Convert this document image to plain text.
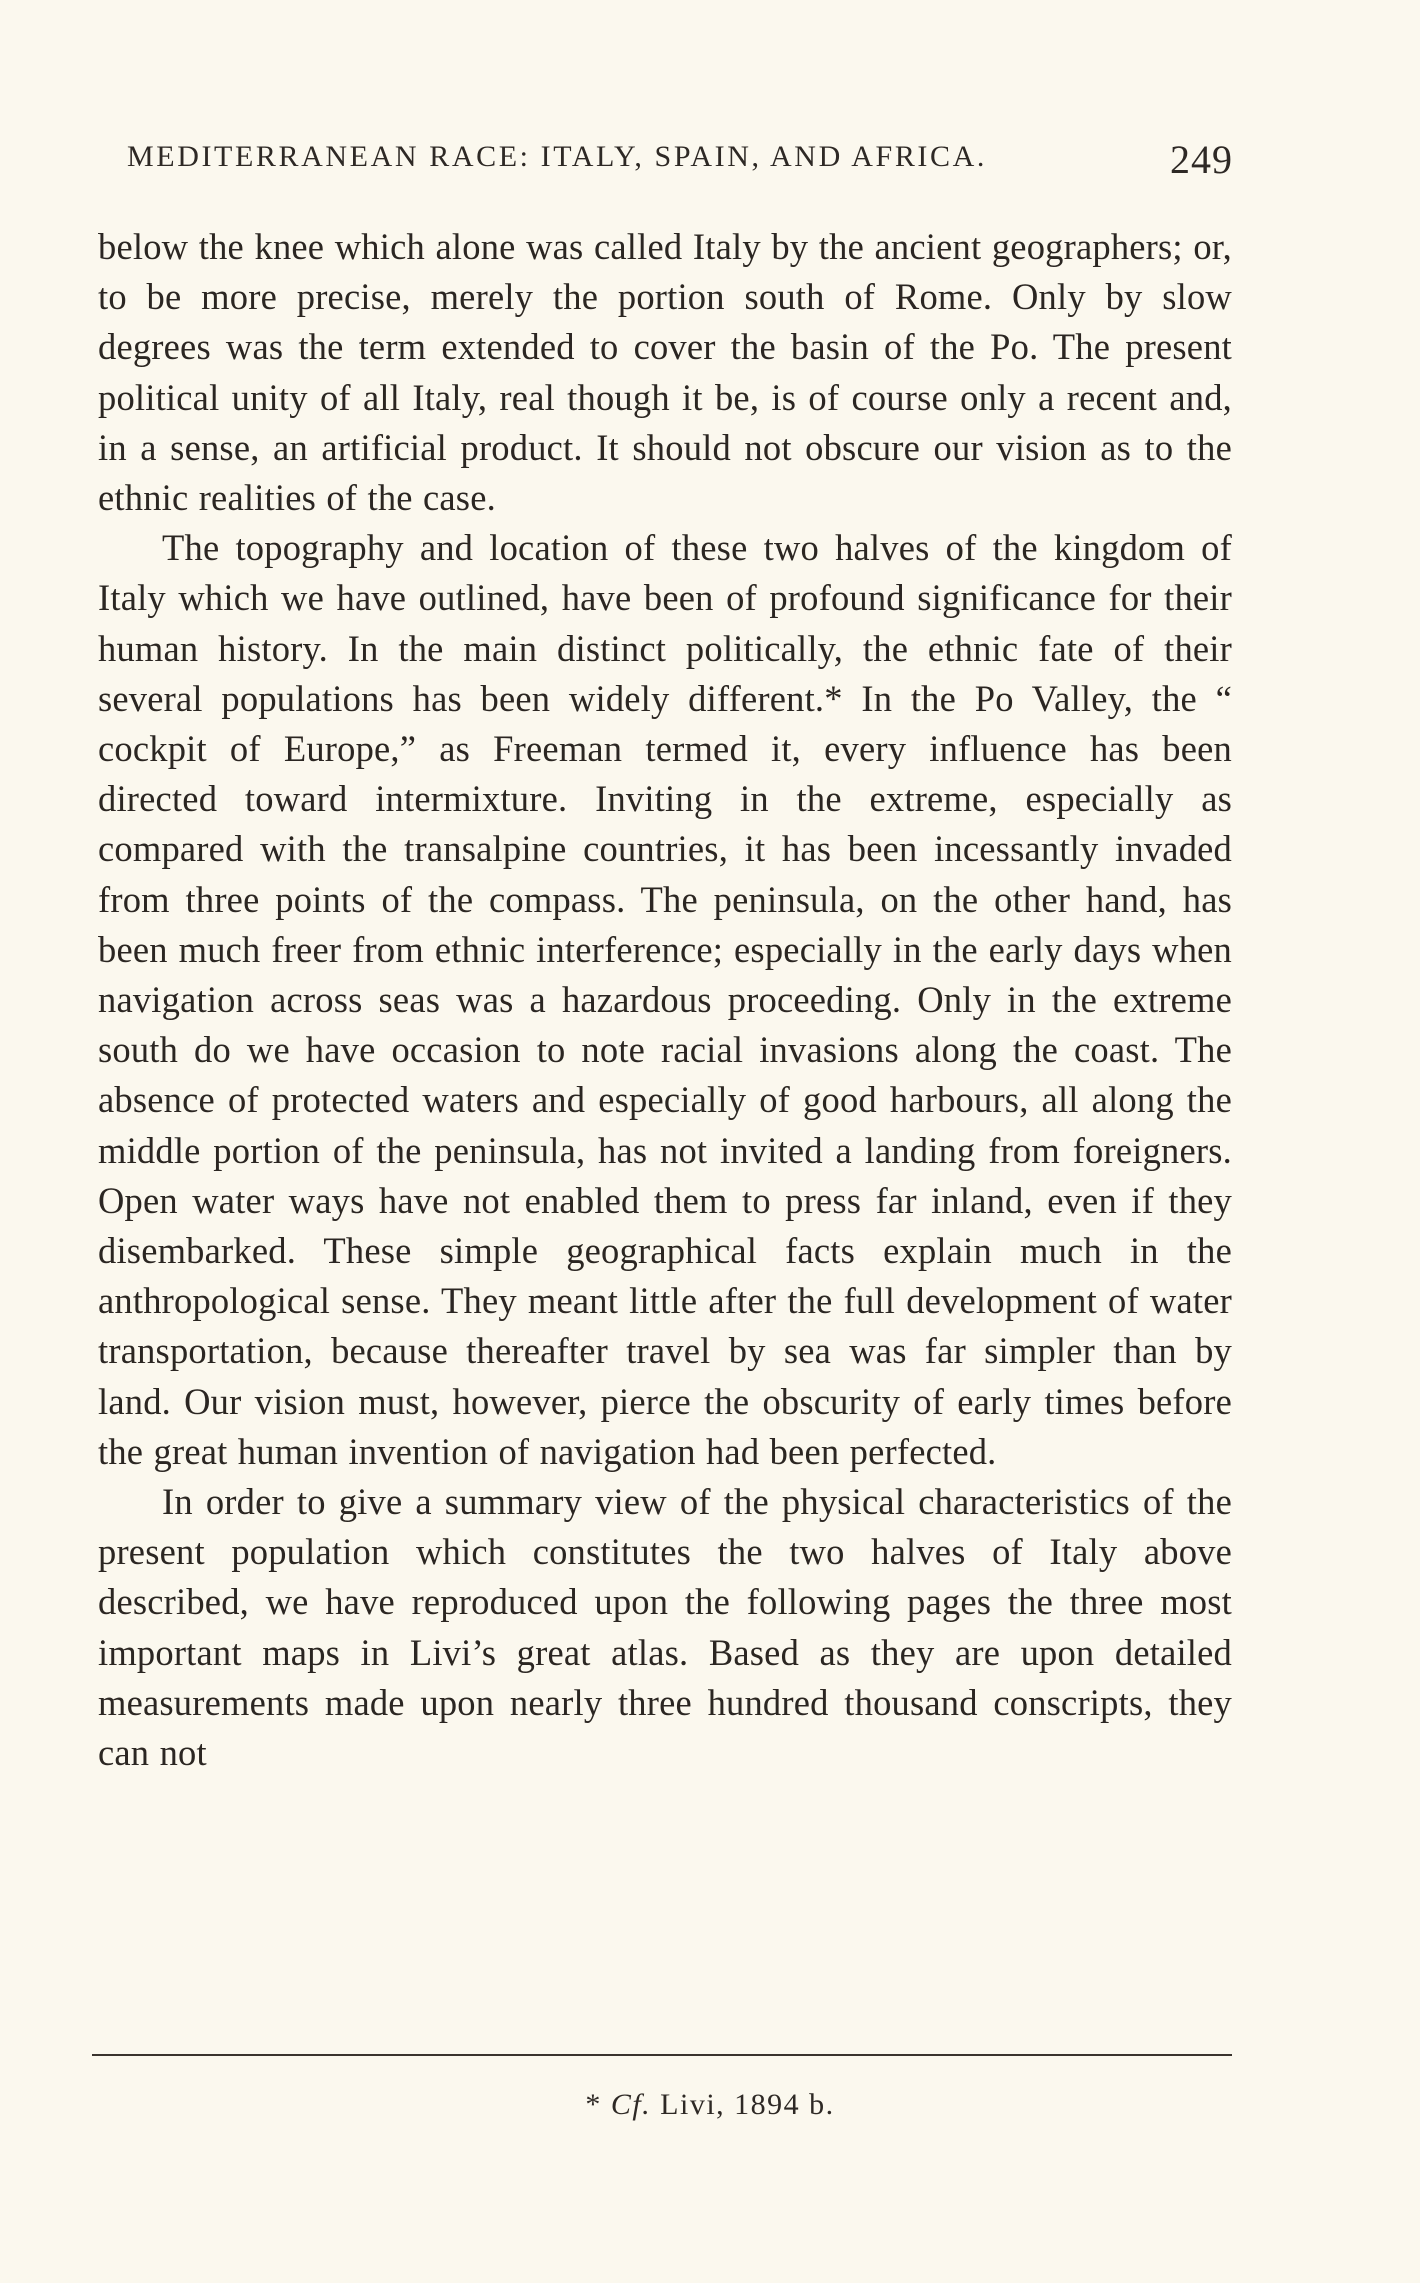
MEDITERRANEAN RACE: ITALY, SPAIN, AND AFRICA.	249

below the knee which alone was called Italy by the ancient geographers; or, to be more precise, merely the portion south of Rome. Only by slow degrees was the term extended to cover the basin of the Po. The present political unity of all Italy, real though it be, is of course only a recent and, in a sense, an artificial product. It should not obscure our vision as to the ethnic realities of the case.

The topography and location of these two halves of the kingdom of Italy which we have outlined, have been of profound significance for their human history. In the main distinct politically, the ethnic fate of their several populations has been widely different.* In the Po Valley, the “ cockpit of Europe,” as Freeman termed it, every influence has been directed toward intermixture. Inviting in the extreme, especially as compared with the transalpine countries, it has been incessantly invaded from three points of the compass. The peninsula, on the other hand, has been much freer from ethnic interference; especially in the early days when navigation across seas was a hazardous proceeding. Only in the extreme south do we have occasion to note racial invasions along the coast. The absence of protected waters and especially of good harbours, all along the middle portion of the peninsula, has not invited a landing from foreigners. Open water ways have not enabled them to press far inland, even if they disembarked. These simple geographical facts explain much in the anthropological sense. They meant little after the full development of water transportation, because thereafter travel by sea was far simpler than by land. Our vision must, however, pierce the obscurity of early times before the great human invention of navigation had been perfected.

In order to give a summary view of the physical characteristics of the present population which constitutes the two halves of Italy above described, we have reproduced upon the following pages the three most important maps in Livi’s great atlas. Based as they are upon detailed measurements made upon nearly three hundred thousand conscripts, they can not

* Cf. Livi, 1894 b.
